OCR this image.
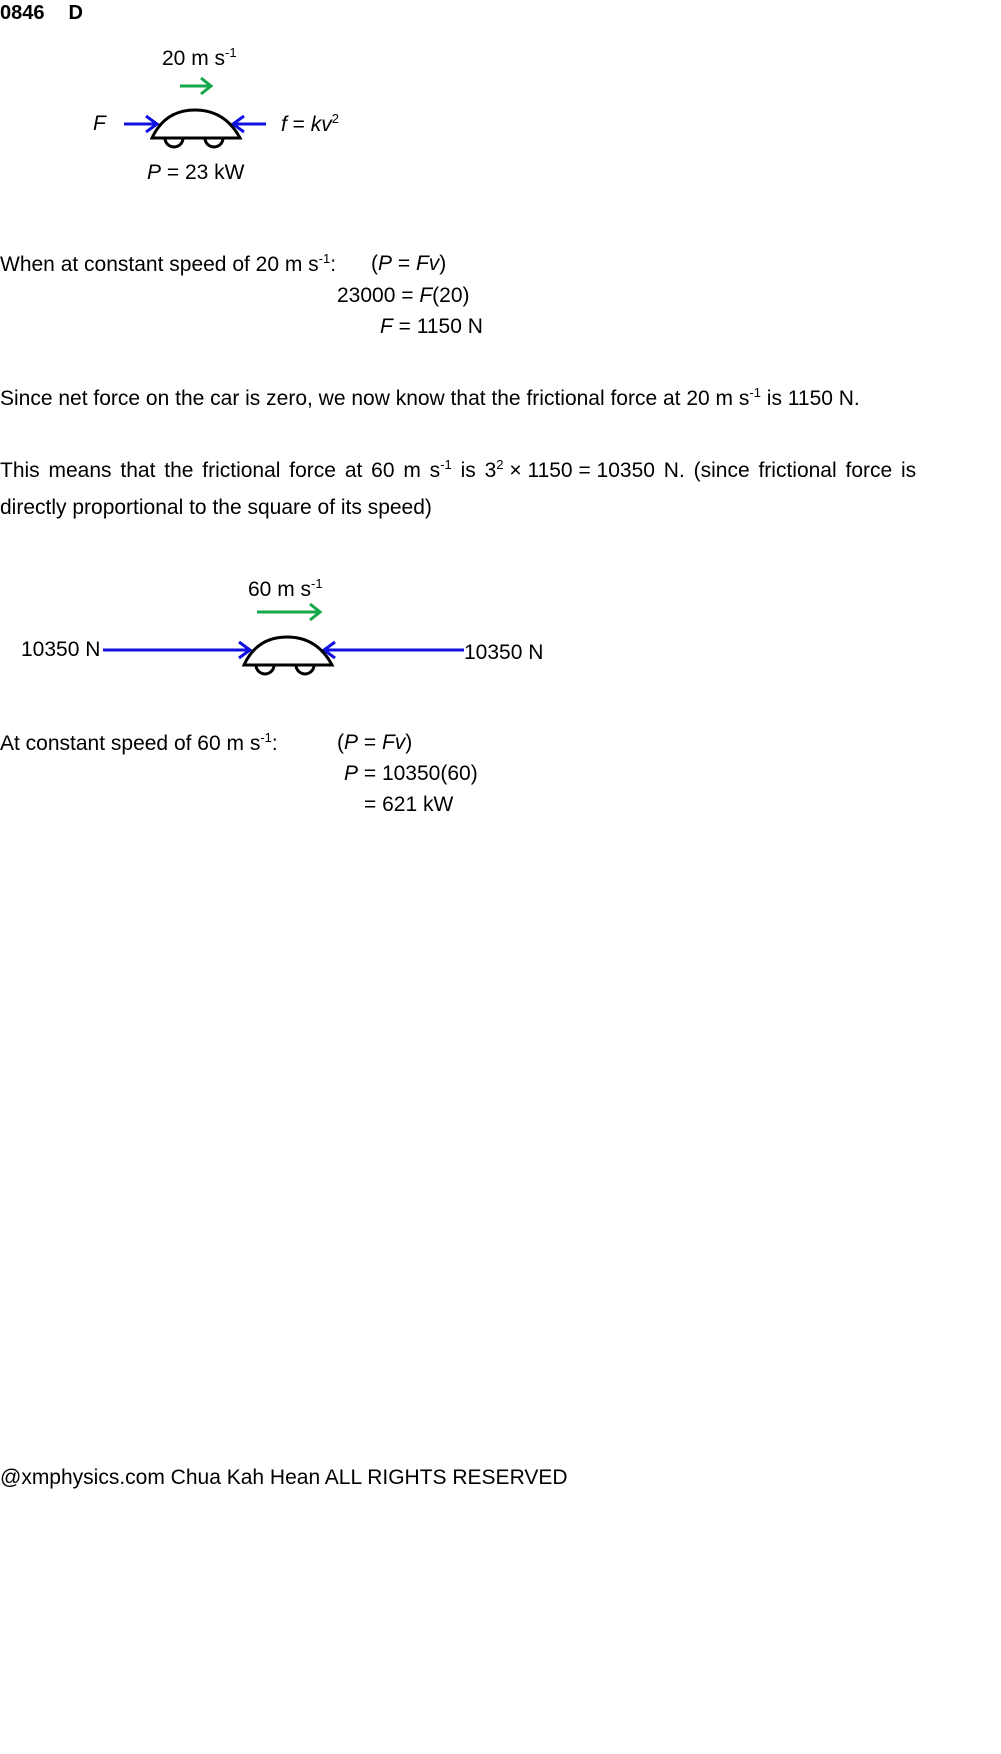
0846 D
20 m $s^{-1}$
F	$f = kv^2$
P = 23 kW
When at constant speed of 20 m $s^{-1}$: (P = Fv)
23000 = F(20)
F = 1150 N
Since net force on the car is zero, we now know that the frictional force at 20 m $s^{-1}$ is 1150 N.
This means that the frictional force at 60 m $s^{-1}$ is $3^2 \times 1150 = 10350$ N. (since frictional force is
directly proportional to the square of its speed)
60 m $s^{-1}$
10350 N	10350 N
At constant speed of 60 m $s^{-1}$:	(P = Fv)
P = 10350(60)
= 621 kW
@xmphysics.com Chua Kah Hean ALL RIGHTS RESERVED
